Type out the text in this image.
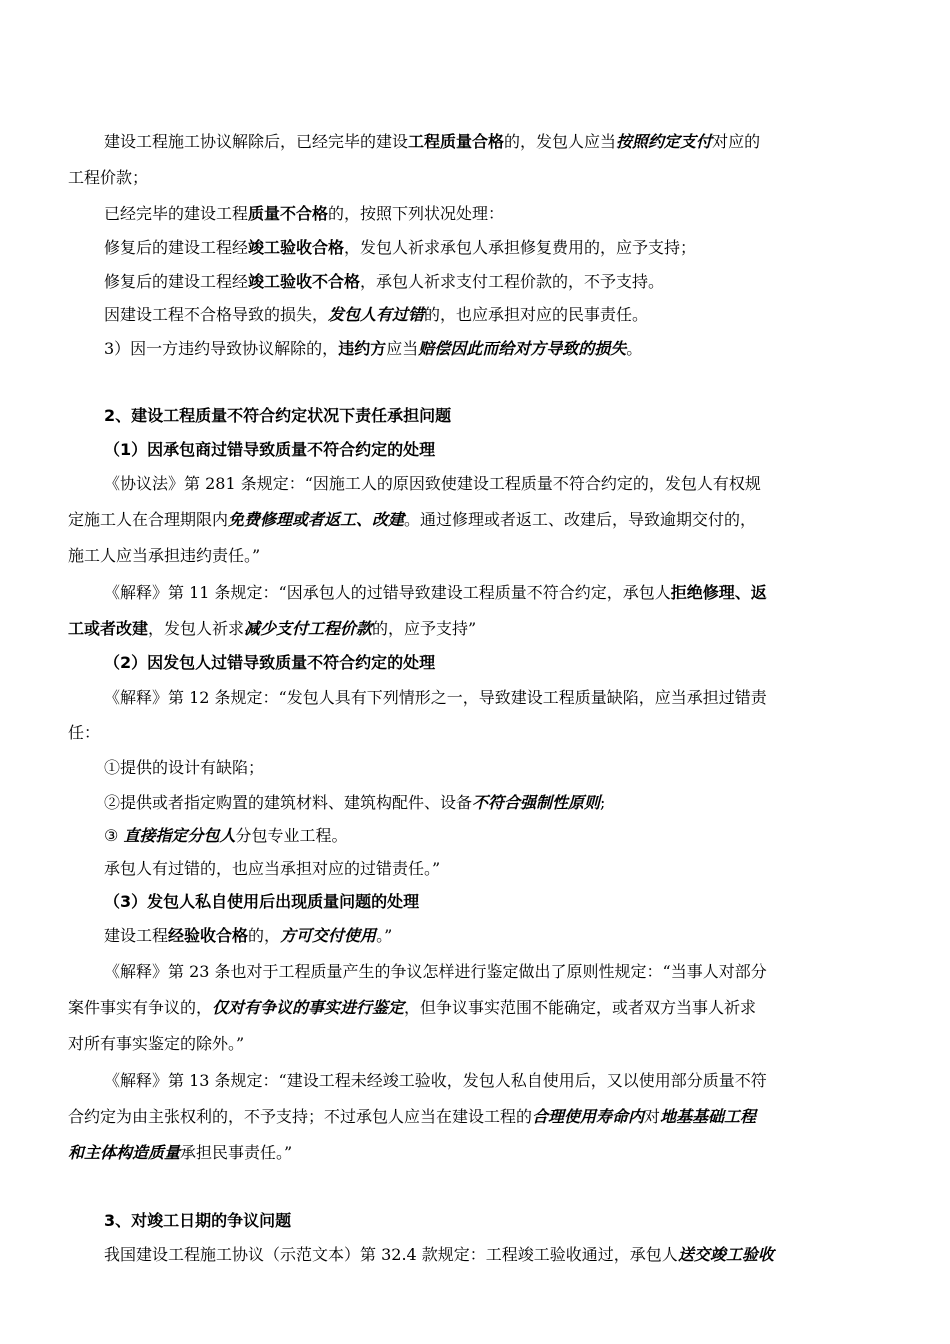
建设工程施工协议解除后，已经完毕的建设工程质量合格的，发包人应当按照约定支付对应的
工程价款；
已经完毕的建设工程质量不合格的，按照下列状况处理：
修复后的建设工程经竣工验收合格，发包人祈求承包人承担修复费用的，应予支持；
修复后的建设工程经竣工验收不合格，承包人祈求支付工程价款的，不予支持。
因建设工程不合格导致的损失，发包人有过错的，也应承担对应的民事责任。
3）因一方违约导致协议解除的，违约方应当赔偿因此而给对方导致的损失。
2、建设工程质量不符合约定状况下责任承担问题
（1）因承包商过错导致质量不符合约定的处理
《协议法》第 281 条规定：“因施工人的原因致使建设工程质量不符合约定的，发包人有权规
定施工人在合理期限内免费修理或者返工、改建。通过修理或者返工、改建后，导致逾期交付的，
施工人应当承担违约责任。”
《解释》第 11 条规定：“因承包人的过错导致建设工程质量不符合约定，承包人拒绝修理、返
工或者改建，发包人祈求减少支付工程价款的，应予支持”
（2）因发包人过错导致质量不符合约定的处理
《解释》第 12 条规定：“发包人具有下列情形之一，导致建设工程质量缺陷，应当承担过错责
任：
①提供的设计有缺陷；
②提供或者指定购置的建筑材料、建筑构配件、设备不符合强制性原则;
③ 直接指定分包人分包专业工程。
承包人有过错的，也应当承担对应的过错责任。”
（3）发包人私自使用后出现质量问题的处理
建设工程经验收合格的，方可交付使用。”
《解释》第 23 条也对于工程质量产生的争议怎样进行鉴定做出了原则性规定：“当事人对部分
案件事实有争议的，仅对有争议的事实进行鉴定，但争议事实范围不能确定，或者双方当事人祈求
对所有事实鉴定的除外。”
《解释》第 13 条规定：“建设工程未经竣工验收，发包人私自使用后，又以使用部分质量不符
合约定为由主张权利的，不予支持；不过承包人应当在建设工程的合理使用寿命内对地基基础工程
和主体构造质量承担民事责任。”
3、对竣工日期的争议问题
我国建设工程施工协议（示范文本）第 32.4 款规定：工程竣工验收通过，承包人送交竣工验收
